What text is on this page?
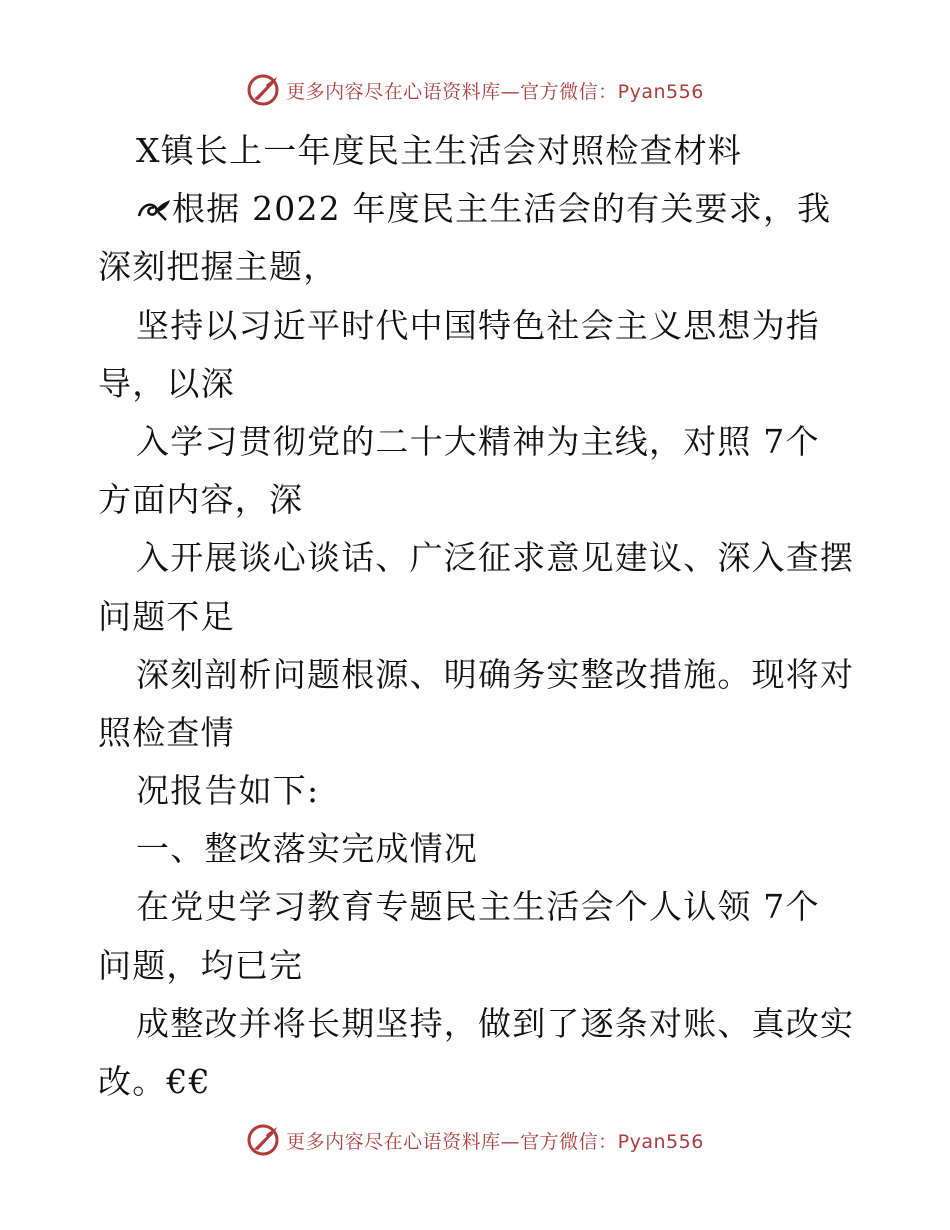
更多内容尽在心语资料库—官方微信：Pyan556
X镇长上一年度民主生活会对照检查材料
根据 2022 年度民主生活会的有关要求，我
深刻把握主题，
坚持以习近平时代中国特色社会主义思想为指
导，以深
入学习贯彻党的二十大精神为主线，对照 7个
方面内容，深
入开展谈心谈话、广泛征求意见建议、深入查摆
问题不足
深刻剖析问题根源、明确务实整改措施。现将对
照检查情
况报告如下:
一、整改落实完成情况
在党史学习教育专题民主生活会个人认领 7个
问题，均已完
成整改并将长期坚持，做到了逐条对账、真改实
改。€€
更多内容尽在心语资料库—官方微信：Pyan556
